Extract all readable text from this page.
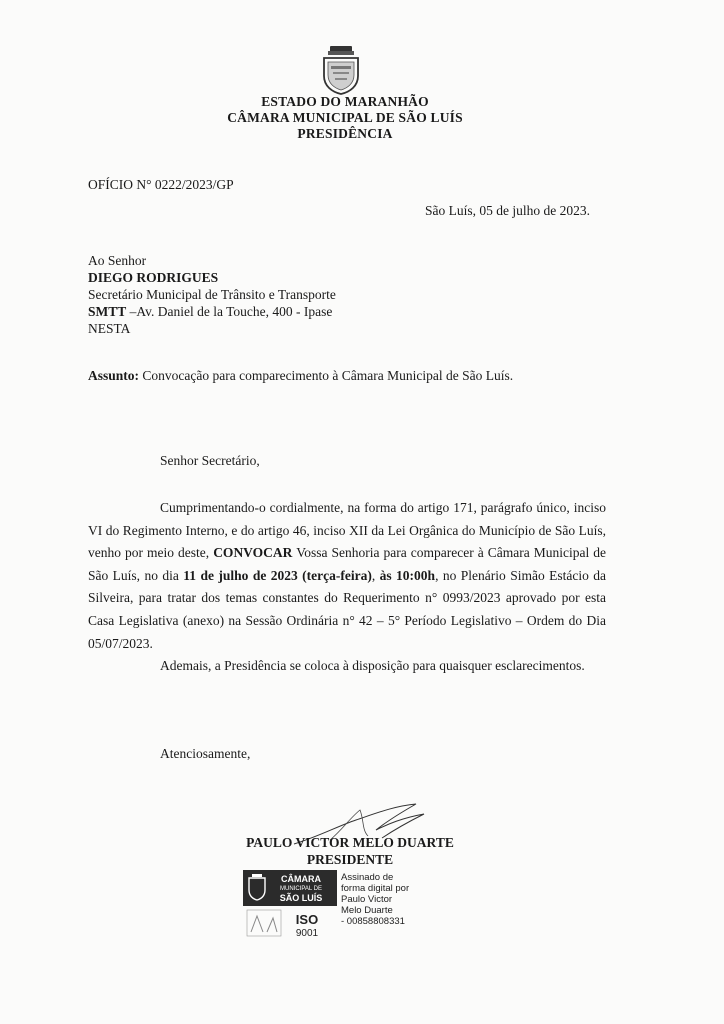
ESTADO DO MARANHÃO
CÂMARA MUNICIPAL DE SÃO LUÍS
PRESIDÊNCIA
OFÍCIO N° 0222/2023/GP
São Luís, 05 de julho de 2023.
Ao Senhor
DIEGO RODRIGUES
Secretário Municipal de Trânsito e Transporte
SMTT –Av. Daniel de la Touche, 400 - Ipase
NESTA
Assunto: Convocação para comparecimento à Câmara Municipal de São Luís.
Senhor Secretário,

Cumprimentando-o cordialmente, na forma do artigo 171, parágrafo único, inciso VI do Regimento Interno, e do artigo 46, inciso XII da Lei Orgânica do Município de São Luís, venho por meio deste, CONVOCAR Vossa Senhoria para comparecer à Câmara Municipal de São Luís, no dia 11 de julho de 2023 (terça-feira), às 10:00h, no Plenário Simão Estácio da Silveira, para tratar dos temas constantes do Requerimento n° 0993/2023 aprovado por esta Casa Legislativa (anexo) na Sessão Ordinária n° 42 – 5° Período Legislativo – Ordem do Dia 05/07/2023.

Ademais, a Presidência se coloca à disposição para quaisquer esclarecimentos.

Atenciosamente,
PAULO VICTOR MELO DUARTE
PRESIDENTE
CÂMARA
MUNICIPAL DE
SÃO LUÍS
ISO
9001
Assinado de
forma digital por
Paulo Victor
Melo Duarte
- 00858808331
